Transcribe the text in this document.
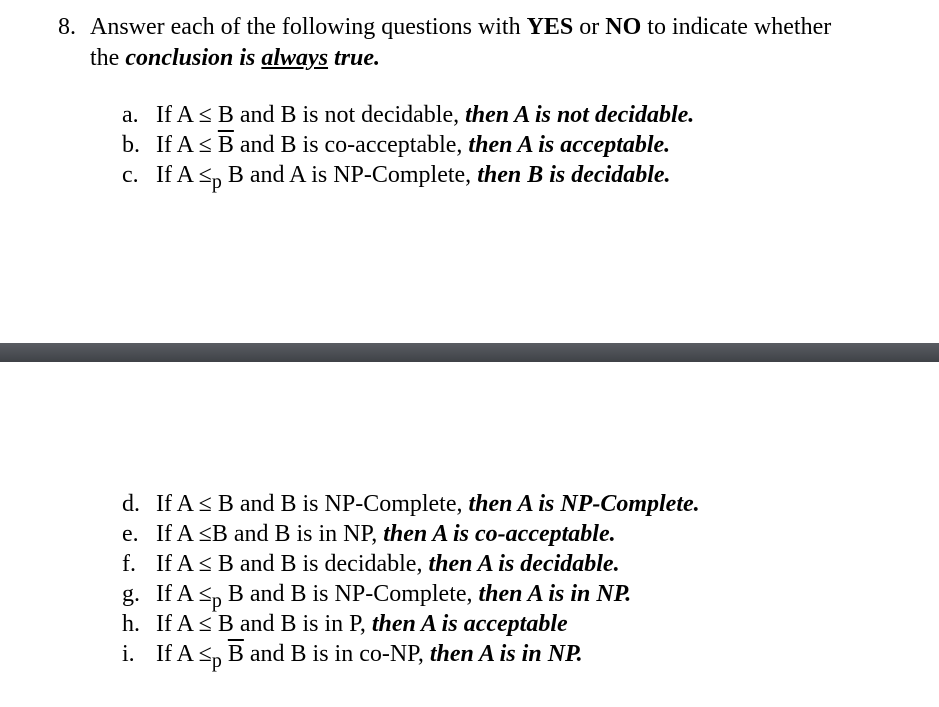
8. Answer each of the following questions with YES or NO to indicate whether
the conclusion is always true.
a. If A ≤ B and B is not decidable, then A is not decidable.
b. If $A \le \overline{B}$ and B is co-acceptable, then A is acceptable.
c. If $A \le_p$ B and A is NP-Complete, then B is decidable.
d. If A ≤ B and B is NP-Complete, then A is NP-Complete.
e. If A ≤B and B is in NP, then A is co-acceptable.
f. If A ≤ B and B is decidable, then A is decidable.
g. If $A \le_p$ B and B is NP-Complete, then A is in NP.
h. If A ≤ B and B is in P, then A is acceptable
i. If $A \le_p$ $\overline{B}$ and B is in co-NP, then A is in NP.
